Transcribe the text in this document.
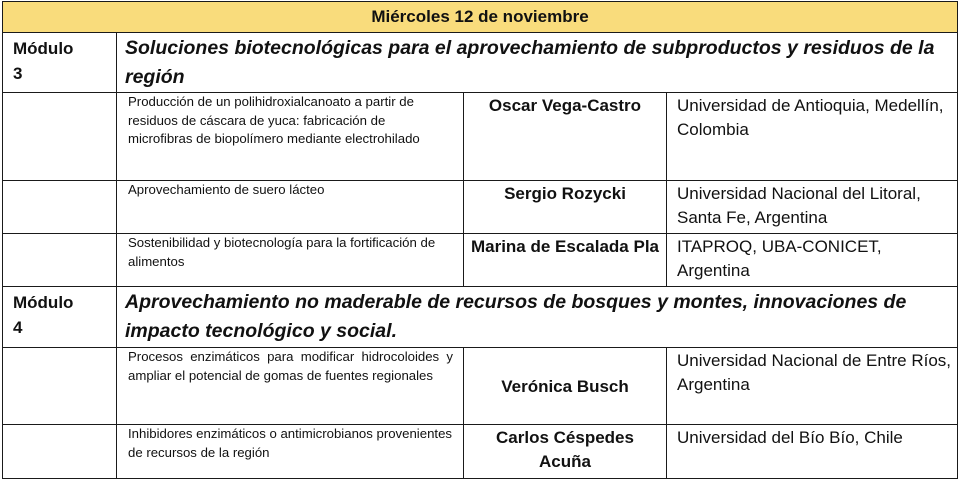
Miércoles 12 de noviembre			

Módulo
3	Soluciones biotecnológicas para el aprovechamiento de subproductos y residuos de la región		
	Producción de un polihidroxialcanoato a partir de residuos de cáscara de yuca: fabricación de microfibras de biopolímero mediante electrohilado	Oscar Vega-Castro	Universidad de Antioquia, Medellín, Colombia
	Aprovechamiento de suero lácteo	Sergio Rozycki	Universidad Nacional del Litoral, Santa Fe, Argentina
	Sostenibilidad y biotecnología para la fortificación de alimentos	Marina de Escalada Pla	ITAPROQ, UBA-CONICET, Argentina

Módulo
4	Aprovechamiento no maderable de recursos de bosques y montes, innovaciones de impacto tecnológico y social.		
	Procesos enzimáticos para modificar hidrocoloides y ampliar el potencial de gomas de fuentes regionales	Verónica Busch	Universidad Nacional de Entre Ríos, Argentina
	Inhibidores enzimáticos o antimicrobianos provenientes de recursos de la región	Carlos Céspedes Acuña	Universidad del Bío Bío, Chile
